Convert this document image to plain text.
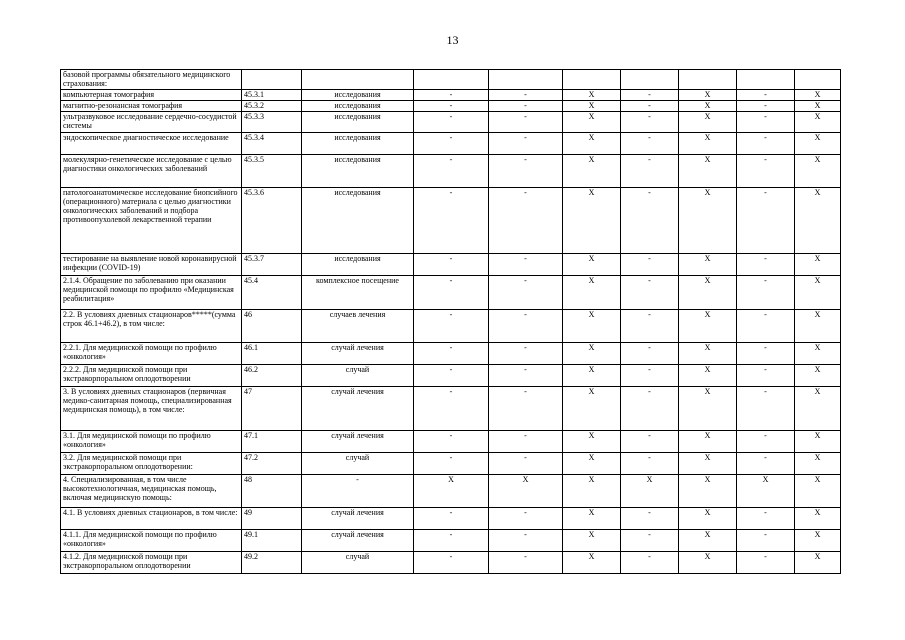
13
базовой программы обязательного медицинского страхования:									
компьютерная томография	45.3.1	исследования	-	-	X	-	X	-	X
магнитно-резонансная томография	45.3.2	исследования	-	-	X	-	X	-	X
ультразвуковое исследование сердечно-сосудистой системы	45.3.3	исследования	-	-	X	-	X	-	X
эндоскопическое диагностическое исследование	45.3.4	исследования	-	-	X	-	X	-	X
молекулярно-генетическое исследование с целью диагностики онкологических заболеваний	45.3.5	исследования	-	-	X	-	X	-	X
патологоанатомическое исследование биопсийного (операционного) материала с целью диагностики онкологических заболеваний и подбора противоопухолевой лекарственной терапии	45.3.6	исследования	-	-	X	-	X	-	X
тестирование на выявление новой коронавирусной инфекции (COVID-19)	45.3.7	исследования	-	-	X	-	X	-	X
2.1.4. Обращение по заболеванию при оказании медицинской помощи по профилю «Медицинская реабилитация»	45.4	комплексное посещение	-	-	X	-	X	-	X
2.2. В условиях дневных стационаров*****(сумма строк 46.1+46.2), в том числе:	46	случаев лечения	-	-	X	-	X	-	X
2.2.1. Для медицинской помощи по профилю «онкология»	46.1	случай лечения	-	-	X	-	X	-	X
2.2.2. Для медицинской помощи при экстракорпоральном оплодотворении	46.2	случай	-	-	X	-	X	-	X
3. В условиях дневных стационаров (первичная медико-санитарная помощь, специализированная медицинская помощь), в том числе:	47	случай лечения	-	-	X	-	X	-	X
3.1. Для медицинской помощи по профилю «онкология»	47.1	случай лечения	-	-	X	-	X	-	X
3.2. Для медицинской помощи при экстракорпоральном оплодотворении:	47.2	случай	-	-	X	-	X	-	X
4. Специализированная, в том числе высокотехнологичная, медицинская помощь, включая медицинскую помощь:	48	-	X	X	X	X	X	X	X
4.1. В условиях дневных стационаров, в том числе:	49	случай лечения	-	-	X	-	X	-	X
4.1.1. Для медицинской помощи по профилю «онкология»	49.1	случай лечения	-	-	X	-	X	-	X
4.1.2. Для медицинской помощи при экстракорпоральном оплодотворении	49.2	случай	-	-	X	-	X	-	X
